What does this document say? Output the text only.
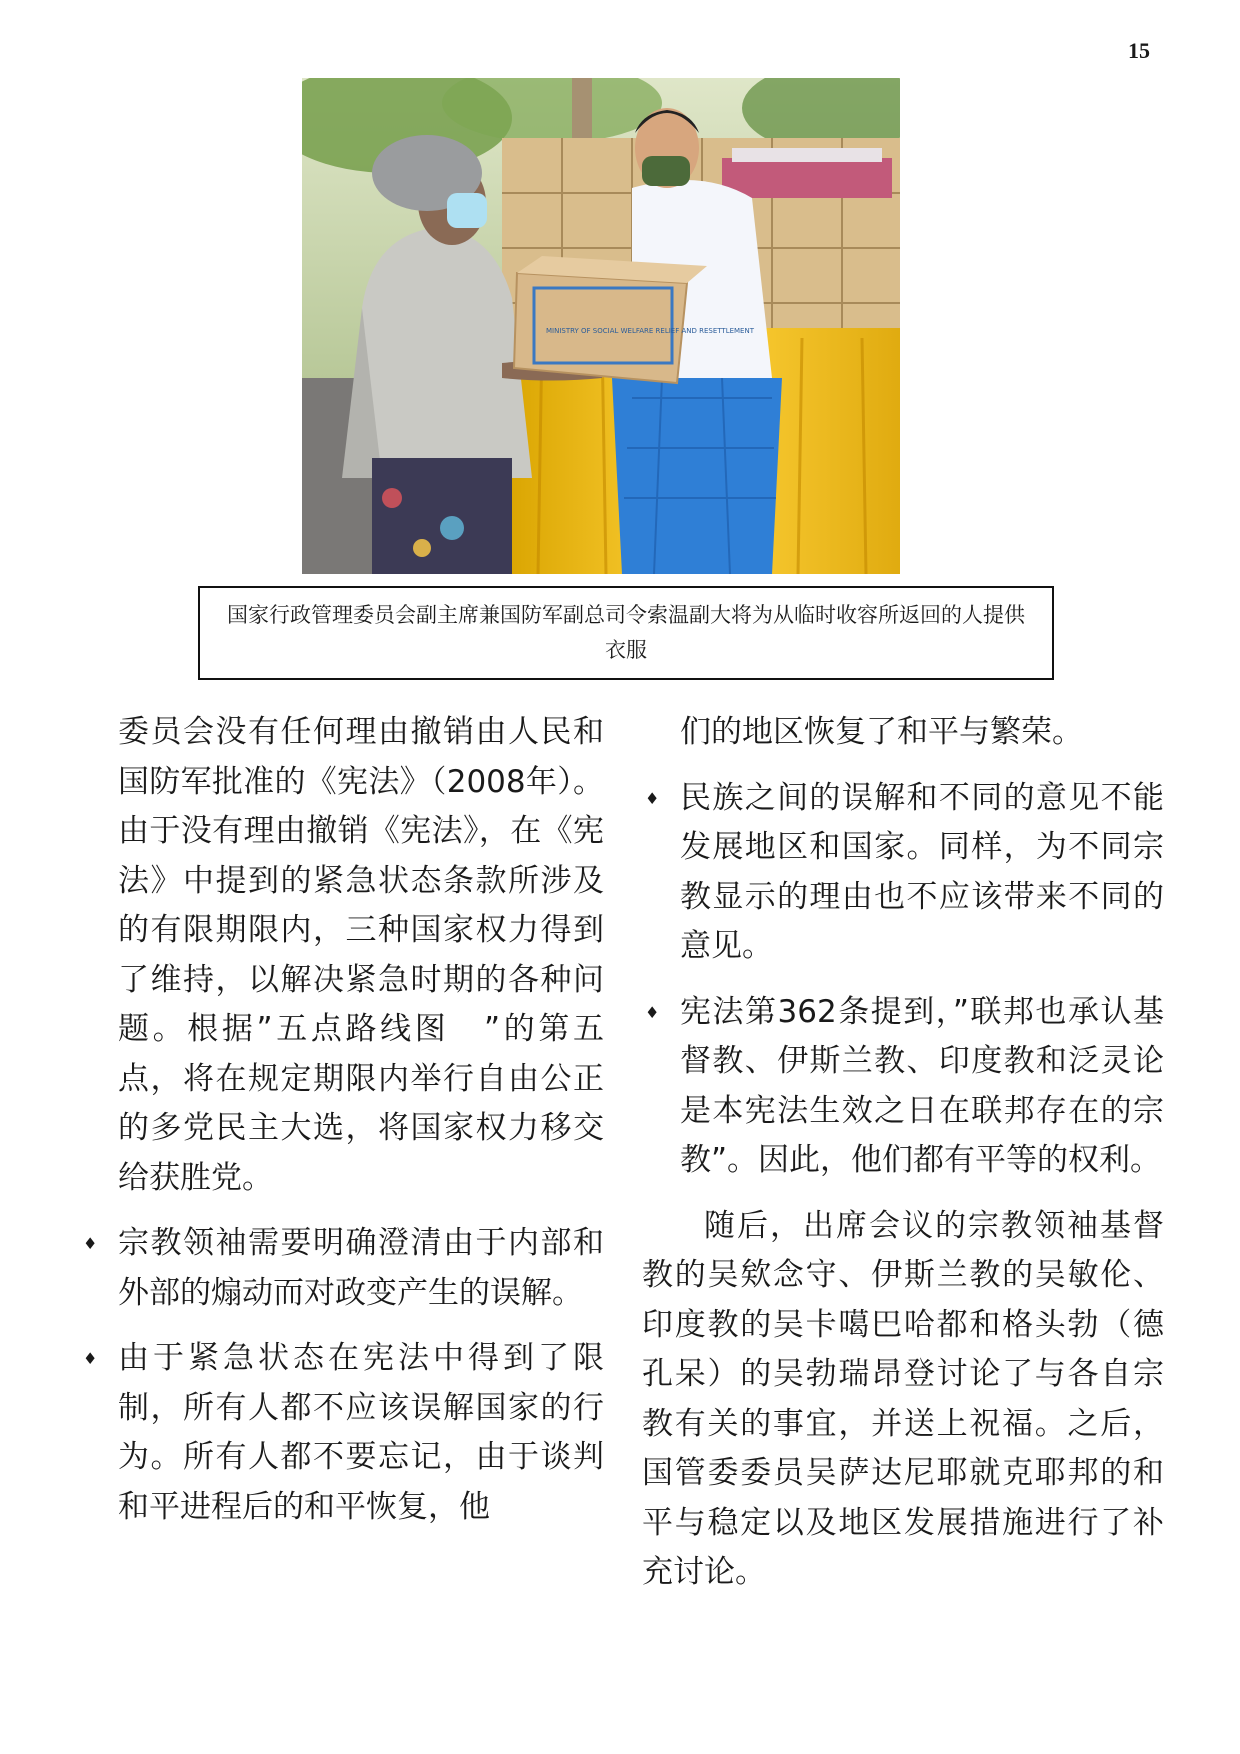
15
MINISTRY OF SOCIAL WELFARE RELIEF AND RESETTLEMENT
国家行政管理委员会副主席兼国防军副总司令索温副大将为从临时收容所返回的人提供衣服

委员会没有任何理由撤销由人民和国防军批准的《宪法》（2008年）。由于没有理由撤销《宪法》，在《宪法》中提到的紧急状态条款所涉及的有限期限内，三种国家权力得到了维持，以解决紧急时期的各种问题。根据”五点路线图　”的第五点，将在规定期限内举行自由公正的多党民主大选，将国家权力移交给获胜党。

♦ 宗教领袖需要明确澄清由于内部和外部的煽动而对政变产生的误解。

♦ 由于紧急状态在宪法中得到了限制，所有人都不应该误解国家的行为。所有人都不要忘记，由于谈判和平进程后的和平恢复，他

们的地区恢复了和平与繁荣。

♦ 民族之间的误解和不同的意见不能发展地区和国家。同样，为不同宗教显示的理由也不应该带来不同的意见。

♦ 宪法第362条提到，”联邦也承认基督教、伊斯兰教、印度教和泛灵论是本宪法生效之日在联邦存在的宗教”。因此，他们都有平等的权利。

随后，出席会议的宗教领袖基督教的吴欸念守、伊斯兰教的吴敏伦、印度教的吴卡噶巴哈都和格头勃（德孔呆）的吴勃瑞昂登讨论了与各自宗教有关的事宜，并送上祝福。之后，国管委委员吴萨达尼耶就克耶邦的和平与稳定以及地区发展措施进行了补充讨论。
